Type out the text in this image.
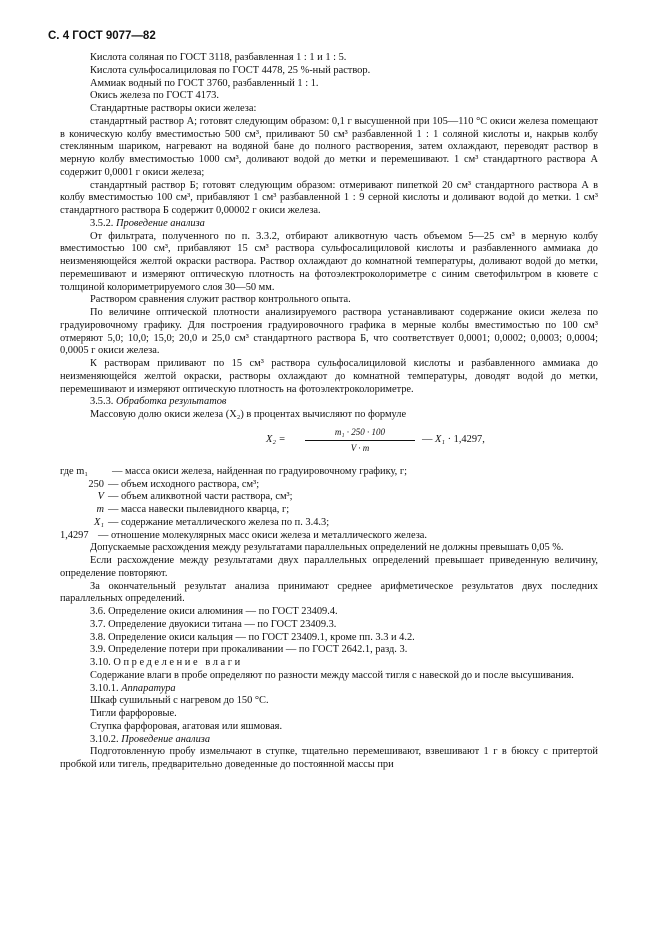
С. 4 ГОСТ 9077—82

Кислота соляная по ГОСТ 3118, разбавленная 1 : 1 и 1 : 5.

Кислота сульфосалициловая по ГОСТ 4478, 25 %-ный раствор.

Аммиак водный по ГОСТ 3760, разбавленный 1 : 1.

Окись железа по ГОСТ 4173.

Стандартные растворы окиси железа:

стандартный раствор А; готовят следующим образом: 0,1 г высушенной при 105—110 °С окиси железа помещают в коническую колбу вместимостью 500 см³, приливают 50 см³ разбавленной 1 : 1 соляной кислоты и, накрыв колбу стеклянным шариком, нагревают на водяной бане до полного растворения, затем охлаждают, переводят раствор в мерную колбу вместимостью 1000 см³, доливают водой до метки и перемешивают. 1 см³ стандартного раствора А содержит 0,0001 г окиси железа;

стандартный раствор Б; готовят следующим образом: отмеривают пипеткой 20 см³ стандартного раствора А в колбу вместимостью 100 см³, прибавляют 1 см³ разбавленной 1 : 9 серной кислоты и доливают водой до метки. 1 см³ стандартного раствора Б содержит 0,00002 г окиси железа.

3.5.2. Проведение анализа

От фильтрата, полученного по п. 3.3.2, отбирают аликвотную часть объемом 5—25 см³ в мерную колбу вместимостью 100 см³, прибавляют 15 см³ раствора сульфосалициловой кислоты и разбавленного аммиака до неизменяющейся желтой окраски раствора. Раствор охлаждают до комнатной температуры, доливают водой до метки, перемешивают и измеряют оптическую плотность на фотоэлектроколориметре с синим светофильтром в кювете с толщиной колориметрируемого слоя 30—50 мм.

Раствором сравнения служит раствор контрольного опыта.

По величине оптической плотности анализируемого раствора устанавливают содержание окиси железа по градуировочному графику. Для построения градуировочного графика в мерные колбы вместимостью по 100 см³ отмеряют 5,0; 10,0; 15,0; 20,0 и 25,0 см³ стандартного раствора Б, что соответствует 0,0001; 0,0002; 0,0003; 0,0004; 0,0005 г окиси железа.

К растворам приливают по 15 см³ раствора сульфосалициловой кислоты и разбавленного аммиака до неизменяющейся желтой окраски, растворы охлаждают до комнатной температуры, доводят водой до метки, перемешивают и измеряют оптическую плотность на фотоэлектроколориметре.

3.5.3. Обработка результатов

Массовую долю окиси железа (X₂) в процентах вычисляют по формуле

$X_2 = \frac{\text{m₁ · 250 · 100}}{V \cdot m}$ — X₁ · 1,4297,
где m₁	— масса окиси железа, найденная по градуировочному графику, г;
250 — объем исходного раствора, см³;
V — объем аликвотной части раствора, см³;
m — масса навески пылевидного кварца, г;
X₁ — содержание металлического железа по п. 3.4.3;
1,4297 — отношение молекулярных масс окиси железа и металлического железа.

Допускаемые расхождения между результатами параллельных определений не должны превышать 0,05 %.

Если расхождение между результатами двух параллельных определений превышает приведенную величину, определение повторяют.

За окончательный результат анализа принимают среднее арифметическое результатов двух последних параллельных определений.

3.6. Определение окиси алюминия — по ГОСТ 23409.4.

3.7. Определение двуокиси титана — по ГОСТ 23409.3.

3.8. Определение окиси кальция — по ГОСТ 23409.1, кроме пп. 3.3 и 4.2.

3.9. Определение потери при прокаливании — по ГОСТ 2642.1, разд. 3.

3.10. Определение влаги

Содержание влаги в пробе определяют по разности между массой тигля с навеской до и после высушивания.

3.10.1. Аппаратура

Шкаф сушильный с нагревом до 150 °С.

Тигли фарфоровые.

Ступка фарфоровая, агатовая или яшмовая.

3.10.2. Проведение анализа

Подготовленную пробу измельчают в ступке, тщательно перемешивают, взвешивают 1 г в бюксу с притертой пробкой или тигель, предварительно доведенные до постоянной массы при
